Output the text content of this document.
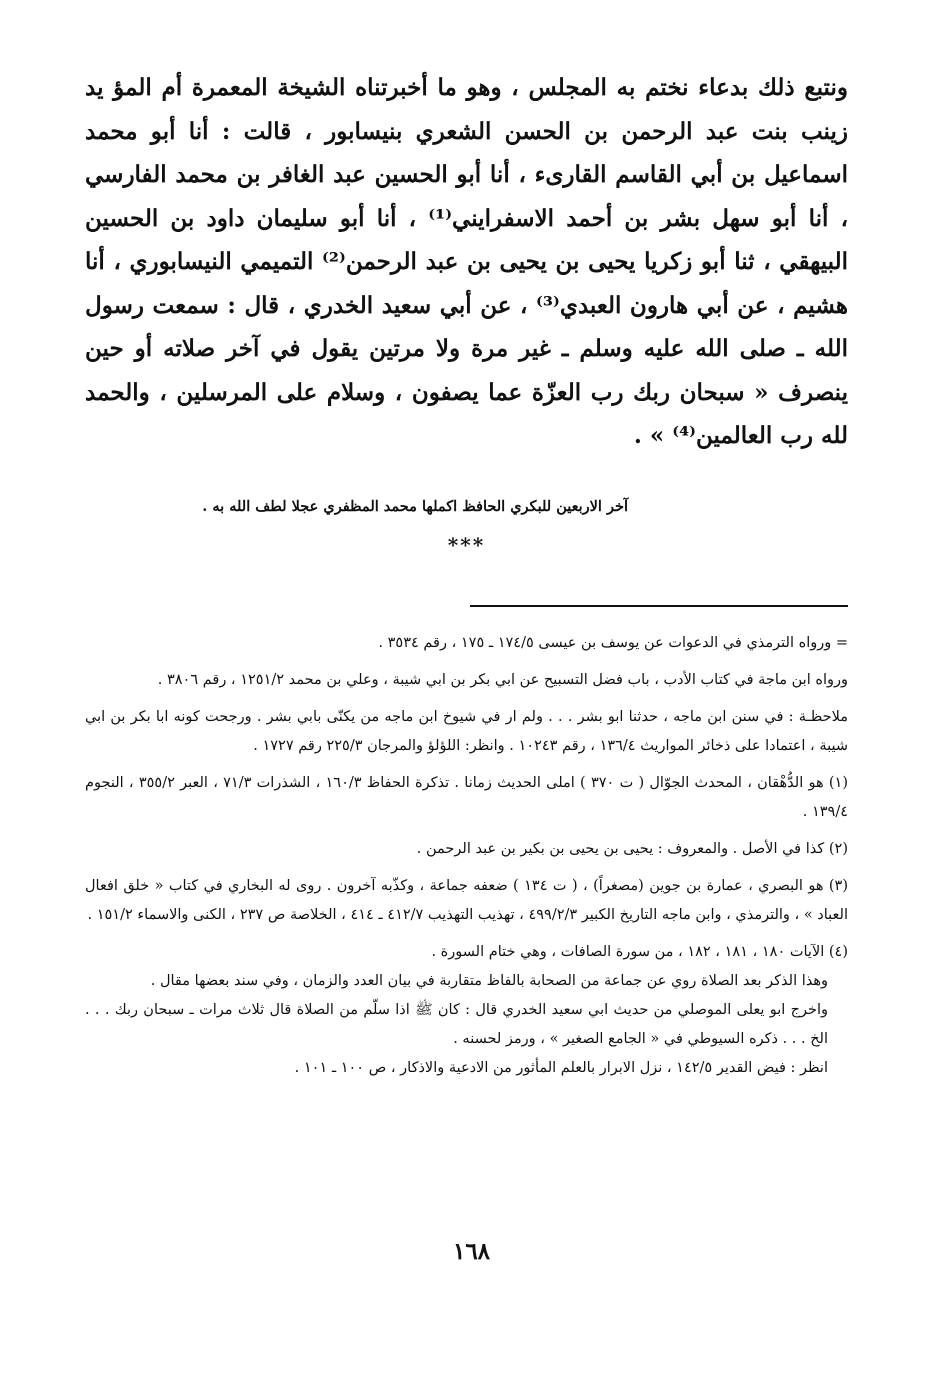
ونتبع ذلك بدعاء نختم به المجلس ، وهو ما أخبرتناه الشيخة المعمرة أم المؤ يد زينب بنت عبد الرحمن بن الحسن الشعري بنيسابور ، قالت : أنا أبو محمد اسماعيل بن أبي القاسم القارىء ، أنا أبو الحسين عبد الغافر بن محمد الفارسي ، أنا أبو سهل بشر بن أحمد الاسفرايني⁽¹⁾ ، أنا أبو سليمان داود بن الحسين البيهقي ، ثنا أبو زكريا يحيى بن يحيى بن عبد الرحمن⁽²⁾ التميمي النيسابوري ، أنا هشيم ، عن أبي هارون العبدي⁽³⁾ ، عن أبي سعيد الخدري ، قال : سمعت رسول الله ـ صلى الله عليه وسلم ـ غير مرة ولا مرتين يقول في آخر صلاته أو حين ينصرف « سبحان ربك رب العزّة عما يصفون ، وسلام على المرسلين ، والحمد لله رب العالمين⁽⁴⁾ » .

آخر الاربعين للبكري الحافظ اكملها محمد المظفري عجلا لطف الله به .

***

= ورواه الترمذي في الدعوات عن يوسف بن عيسى ١٧٤/٥ ـ ١٧٥ ، رقم ٣٥٣٤ .

ورواه ابن ماجة في كتاب الأدب ، باب فضل التسبيح عن ابي بكر بن ابي شيبة ، وعلي بن محمد ١٢٥١/٢ ، رقم ٣٨٠٦ .

ملاحظـة : في سنن ابن ماجه ، حدثنا ابو بشر . . . ولم ار في شيوخ ابن ماجه من يكنّى بابي بشر . ورجحت كونه ابا بكر بن ابي شيبة ، اعتمادا على ذخائر المواريث ١٣٦/٤ ، رقم ١٠٢٤٣ . وانظر: اللؤلؤ والمرجان ٢٢٥/٣ رقم ١٧٢٧ .

(١) هو الدُّهْقان ، المحدث الجوّال ( ت ٣٧٠ ) املى الحديث زمانا . تذكرة الحفاظ ١٦٠/٣ ، الشذرات ٧١/٣ ، العبر ٣٥٥/٢ ، النجوم ١٣٩/٤ .

(٢) كذا في الأصل . والمعروف : يحيى بن يحيى بن بكير بن عبد الرحمن .

(٣) هو البصري ، عمارة بن جوين (مصغراً) ، ( ت ١٣٤ ) ضعفه جماعة ، وكذّبه آخرون . روى له البخاري في كتاب « خلق افعال العباد » ، والترمذي ، وابن ماجه التاريخ الكبير ٤٩٩/٢/٣ ، تهذيب التهذيب ٤١٢/٧ ـ ٤١٤ ، الخلاصة ص ٢٣٧ ، الكنى والاسماء ١٥١/٢ .

(٤) الآيات ١٨٠ ، ١٨١ ، ١٨٢ ، من سورة الصافات ، وهي ختام السورة .

وهذا الذكر بعد الصلاة روي عن جماعة من الصحابة بالفاظ متقاربة في بيان العدد والزمان ، وفي سند بعضها مقال .

واخرج ابو يعلى الموصلي من حديث ابي سعيد الخدري قال : كان ﷺ اذا سلّم من الصلاة قال ثلاث مرات ـ سبحان ربك . . . الخ . . . ذكره السيوطي في « الجامع الصغير » ، ورمز لحسنه .

انظر : فيض القدير ١٤٢/٥ ، نزل الابرار بالعلم المأثور من الادعية والاذكار ، ص ١٠٠ ـ ١٠١ .

١٦٨
